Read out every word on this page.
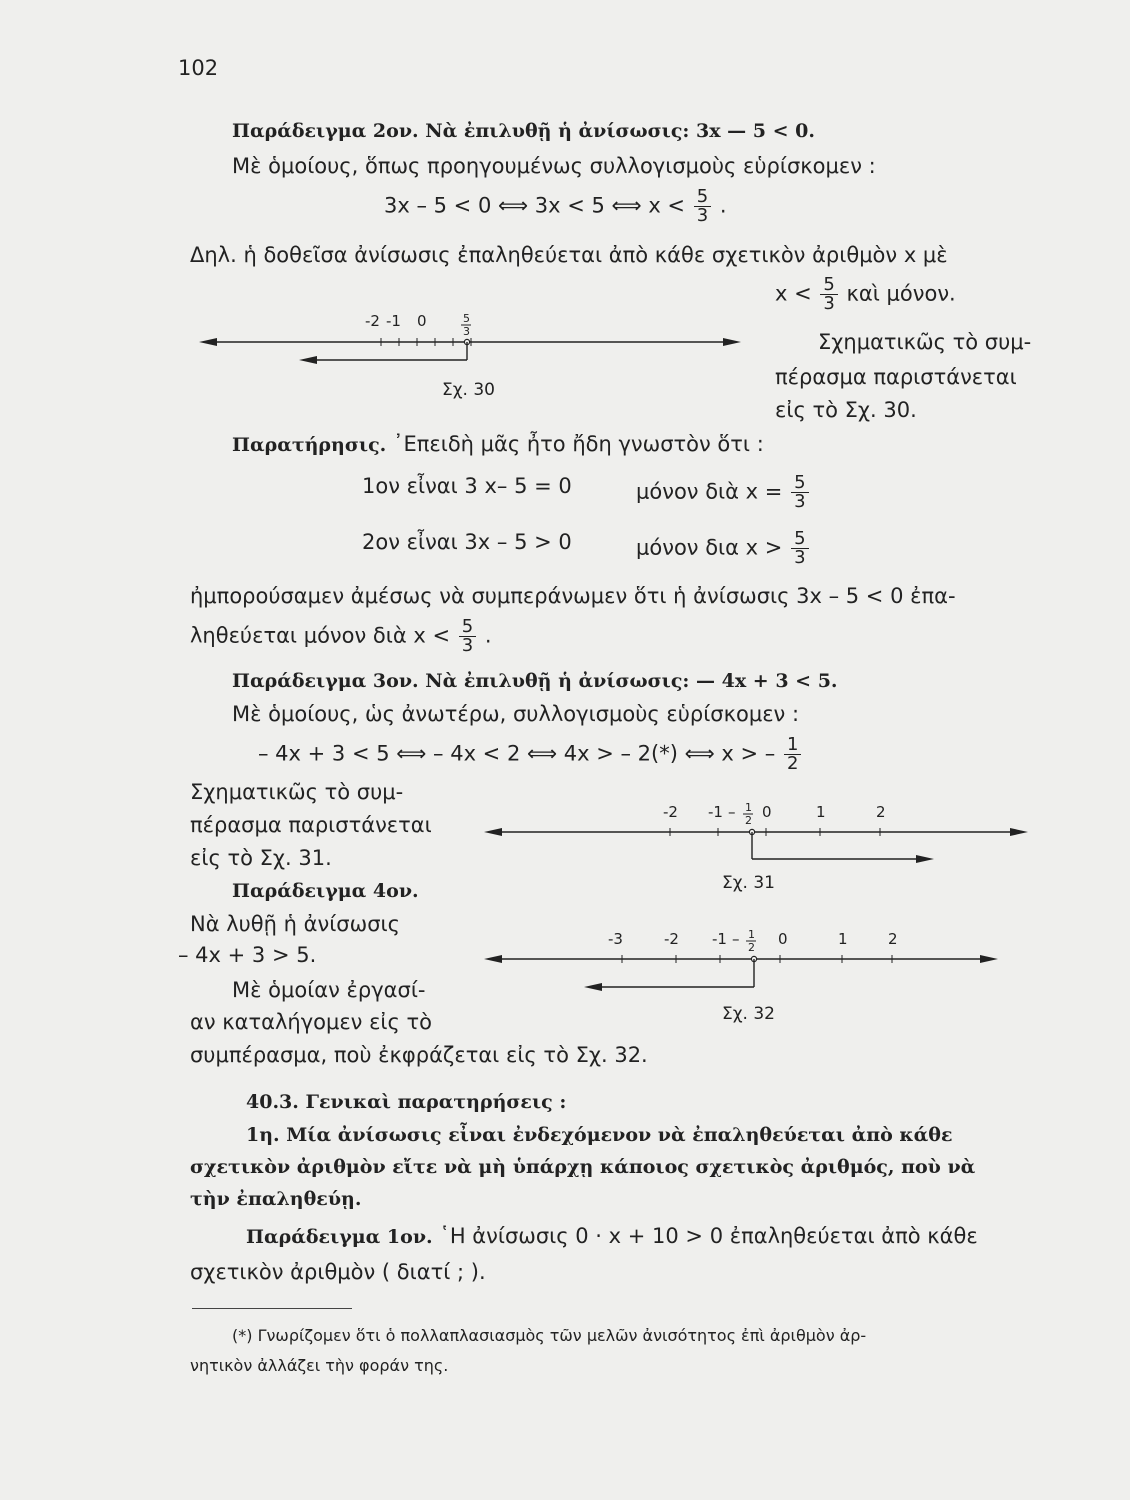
102
Παράδειγμα 2ον. Νὰ ἐπιλυθῇ ἡ ἀνίσωσις: 3x — 5 < 0.
Μὲ ὁμοίους, ὅπως προηγουμένως συλλογισμοὺς εὑρίσκομεν :
3x – 5 < 0 ⟺ 3x < 5 ⟺ $x < \frac{5}{3}$ .
Δηλ. ἡ δοθεῖσα ἀνίσωσις ἐπαληθεύεται ἀπὸ κάθε σχετικὸν ἀριθμὸν x μὲ
$x < \frac{5}{3}$ καὶ μόνον.
Σχηματικῶς τὸ συμ-
πέρασμα παριστάνεται
εἰς τὸ Σχ. 30.
-2 -1 0	5
3
Σχ. 30
Παρατήρησις. ᾿Επειδὴ μᾶς ἦτο ἤδη γνωστὸν ὅτι :
1ον εἶναι 3 x– 5 = 0	μόνον διὰ $x = \frac{5}{3}$
2ον εἶναι 3x – 5 > 0	μόνον δια $x > \frac{5}{3}$
ἠμπορούσαμεν ἀμέσως νὰ συμπεράνωμεν ὅτι ἡ ἀνίσωσις 3x – 5 < 0 ἐπα-
ληθεύεται μόνον διὰ $x < \frac{5}{3}$ .
Παράδειγμα 3ον. Νὰ ἐπιλυθῇ ἡ ἀνίσωσις: — 4x + 3 < 5.
Μὲ ὁμοίους, ὡς ἀνωτέρω, συλλογισμοὺς εὑρίσκομεν :
– 4x + 3 < 5 ⟺ – 4x < 2 ⟺ 4x > – 2(*) ⟺ x > – $\frac{1}{2}$
Σχηματικῶς τὸ συμ-
πέρασμα παριστάνεται
εἰς τὸ Σχ. 31.
-2 -1 – 1
2 0	1	2
Σχ. 31
Παράδειγμα 4ον.
Νὰ λυθῇ ἡ ἀνίσωσις
– 4x + 3 > 5.
Μὲ ὁμοίαν ἐργασί-
αν καταλήγομεν εἰς τὸ
συμπέρασμα, ποὺ ἐκφράζεται εἰς τὸ Σχ. 32.
-3	-2 -1 – 1
2 0	1	2
Σχ. 32
40.3. Γενικαὶ παρατηρήσεις :
1η. Μία ἀνίσωσις εἶναι ἐνδεχόμενον νὰ ἐπαληθεύεται ἀπὸ κάθε
σχετικὸν ἀριθμὸν εἴτε νὰ μὴ ὑπάρχῃ κάποιος σχετικὸς ἀριθμός, ποὺ νὰ
τὴν ἐπαληθεύῃ.
Παράδειγμα 1ον. ῾Η ἀνίσωσις 0 · x + 10 > 0 ἐπαληθεύεται ἀπὸ κάθε
σχετικὸν ἀριθμὸν ( διατί ; ).
(*) Γνωρίζομεν ὅτι ὁ πολλαπλασιασμὸς τῶν μελῶν ἀνισότητος ἐπὶ ἀριθμὸν ἀρ-
νητικὸν ἀλλάζει τὴν φοράν της.
